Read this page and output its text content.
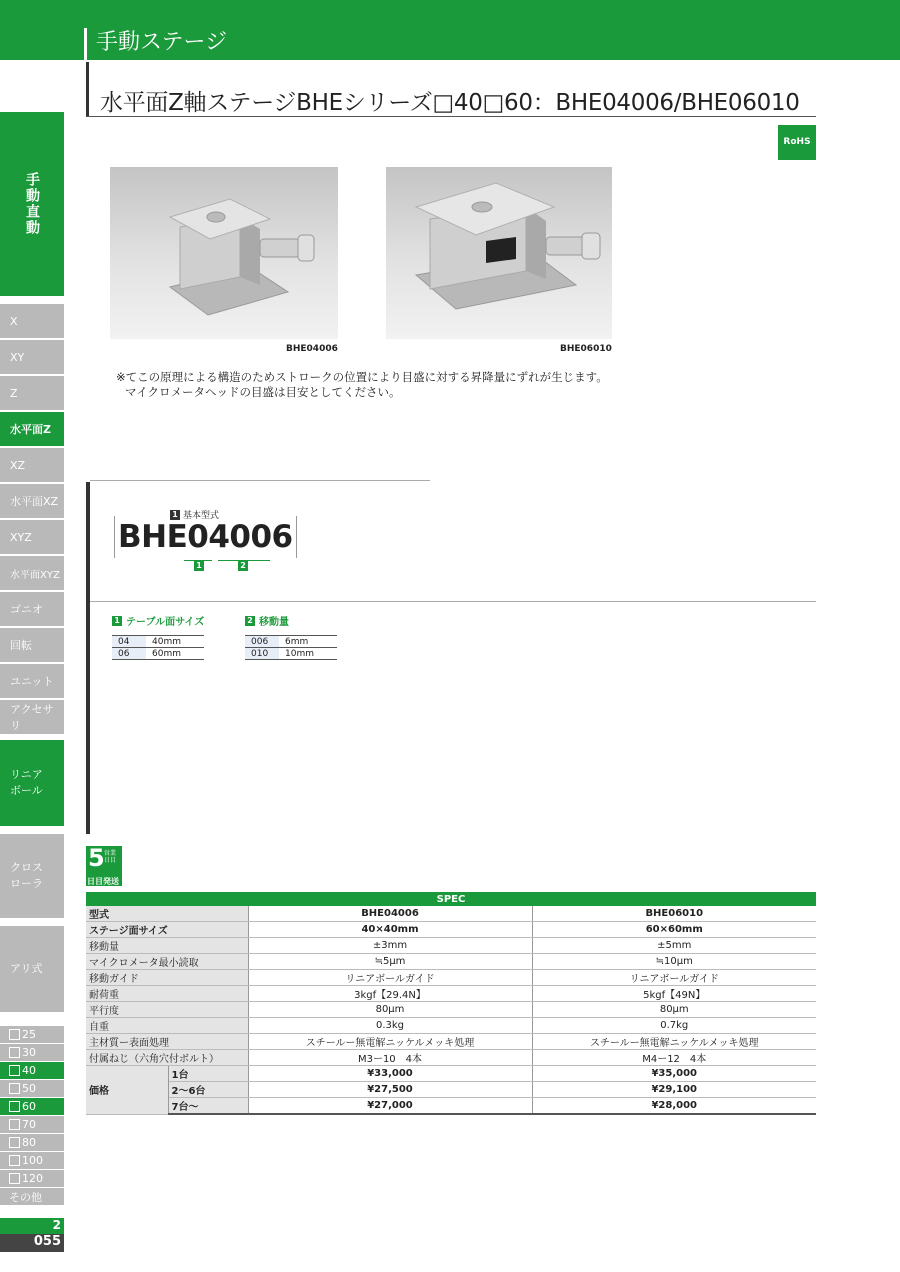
手動ステージ
水平面Z軸ステージBHEシリーズ□40□60：BHE04006/BHE06010
RoHS
手動直動
X
XY
Z
水平面Z
XZ
水平面XZ
XYZ
水平面XYZ
ゴニオ
回転
ユニット
アクセサリ
リニア
ボール
クロス
ローラ
アリ式
25
30
40
50
60
70
80
100
120
その他
2
055
BHE04006	BHE06010
※てこの原理による構造のためストロークの位置により目盛に対する昇降量にずれが生じます。
マイクロメータヘッドの目盛は目安としてください。
1 基本型式
BHE04006
1	2
1 テーブル面サイズ
04	40mm
06	60mm
2 移動量
006	6mm
010	10mm
5 営業
日目
日目発送
SPEC			
型式		BHE04006	BHE06010
ステージ面サイズ		40×40mm	60×60mm
移動量		±3mm	±5mm
マイクロメータ最小読取		≒5μm	≒10μm
移動ガイド		リニアボールガイド	リニアボールガイド
耐荷重		3kgf【29.4N】	5kgf【49N】
平行度		80μm	80μm
自重		0.3kg	0.7kg
主材質ー表面処理		スチールー無電解ニッケルメッキ処理	スチールー無電解ニッケルメッキ処理
付属ねじ（六角穴付ボルト）		M3ー10　4本	M4ー12　4本
価格	1台	¥33,000	¥35,000
	2〜6台	¥27,500	¥29,100
	7台〜	¥27,000	¥28,000
